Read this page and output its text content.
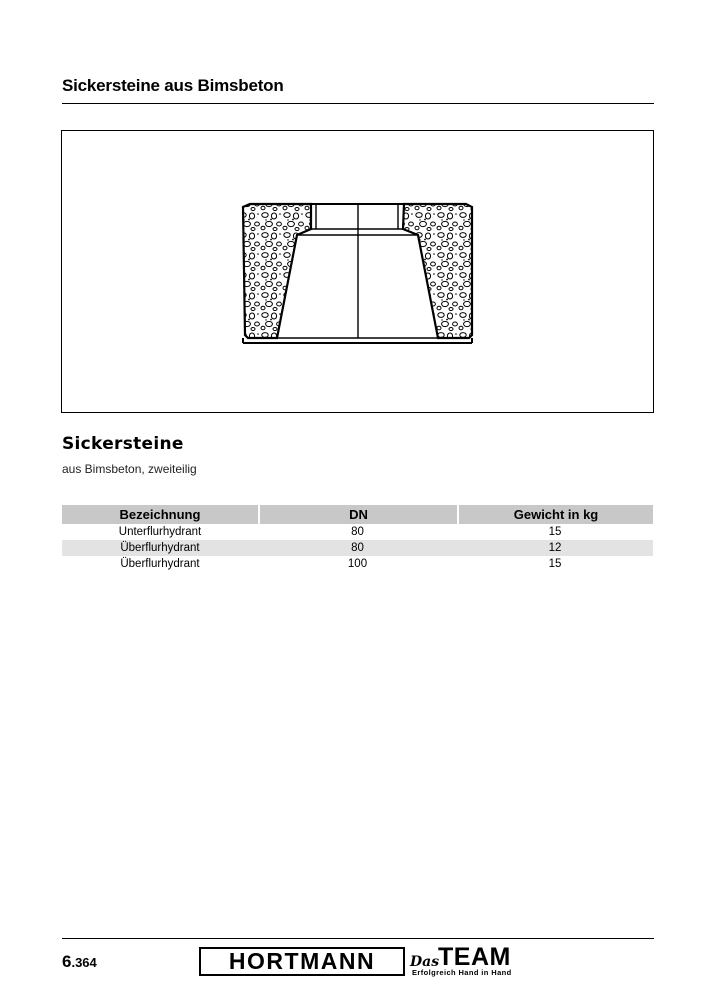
Sickersteine aus Bimsbeton
Sickersteine
aus Bimsbeton, zweiteilig
Bezeichnung	DN	Gewicht in kg
Unterflurhydrant	80	15
Überflurhydrant	80	12
Überflurhydrant	100	15
6.364	HORTMANN Das
TEAM
Erfolgreich Hand in Hand
